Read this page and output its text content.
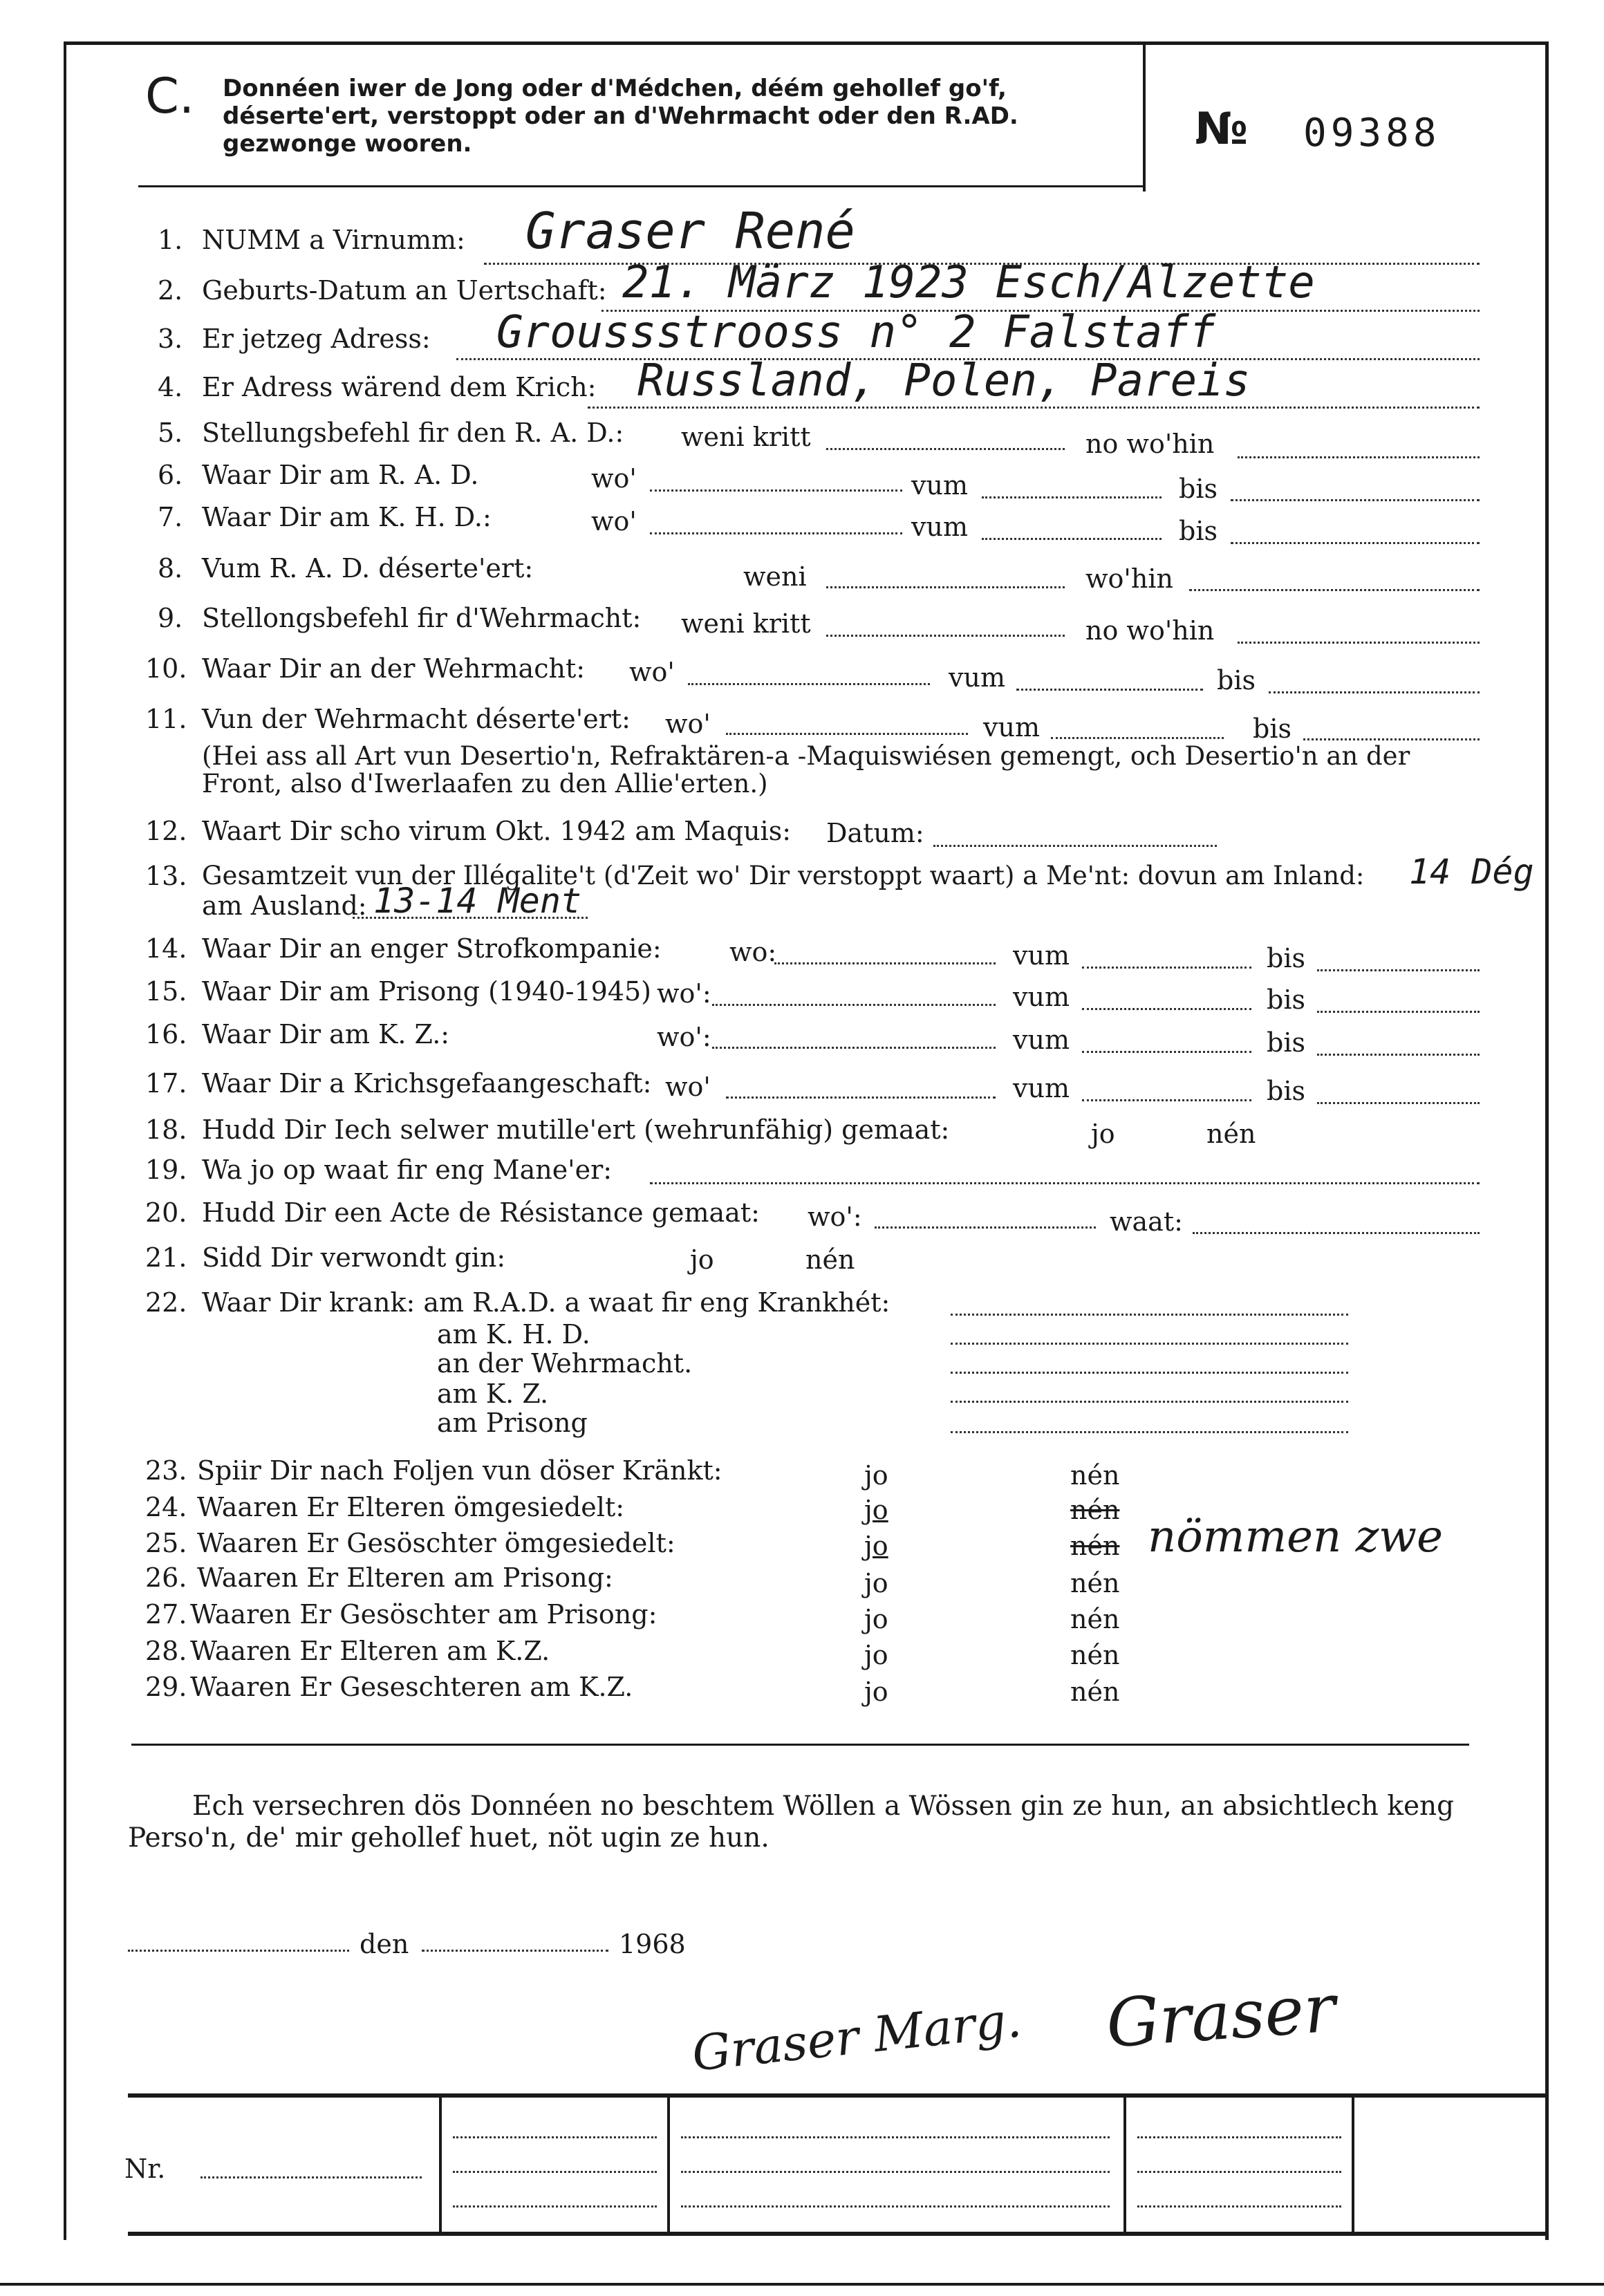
C. Donnéen iwer de Jong oder d'Médchen, déém gehollef go'f, déserte'ert, verstoppt oder an d'Wehrmacht oder den R.AD. gezwonge wooren.	№ 09388
1. NUMM a Virnumm: Graser René
2. Geburts-Datum an Uertschaft: 21. März 1923 Esch/Alzette
3. Er jetzeg Adress: Groussstrooss n° 2 Falstaff
4. Er Adress wärend dem Krich: Russland, Polen, Pareis
5. Stellungsbefehl fir den R. A. D.: weni kritt	no wo'hin
6. Waar Dir am R. A. D.	wo'	vum	bis
7. Waar Dir am K. H. D.:	wo'	vum	bis
8. Vum R. A. D. déserte'ert:	weni	wo'hin
9. Stellongsbefehl fir d'Wehrmacht: weni kritt	no wo'hin
10. Waar Dir an der Wehrmacht: wo'	vum	bis
11. Vun der Wehrmacht déserte'ert: wo'	vum	bis
(Hei ass all Art vun Desertio'n, Refraktären-a -Maquiswiésen gemengt, och Desertio'n an der
Front, also d'Iwerlaafen zu den Allie'erten.)
12. Waart Dir scho virum Okt. 1942 am Maquis: Datum:
13. Gesamtzeit vun der Illégalite't (d'Zeit wo' Dir verstoppt waart) a Me'nt: dovun am Inland: 14 Dég
am Ausland: 13-14 Ment
14. Waar Dir an enger Strofkompanie:	wo:	vum	bis
15. Waar Dir am Prisong (1940-1945) wo':	vum	bis
16. Waar Dir am K. Z.:	wo':	vum	bis
17. Waar Dir a Krichsgefaangeschaft: wo'	vum	bis
18. Hudd Dir Iech selwer mutille'ert (wehrunfähig) gemaat:	jo	nén
19. Wa jo op waat fir eng Mane'er:
20. Hudd Dir een Acte de Résistance gemaat: wo':	waat:
21. Sidd Dir verwondt gin:	jo	nén
22. Waar Dir krank: am R.A.D. a waat fir eng Krankhét:
am K. H. D.
an der Wehrmacht.
am K. Z.
am Prisong
23. Spiir Dir nach Foljen vun döser Kränkt:	jo	nén
24. Waaren Er Elteren ömgesiedelt:	jo	nén
25. Waaren Er Gesöschter ömgesiedelt:	jo	nén nömmen zwe
26. Waaren Er Elteren am Prisong:	jo	nén
27. Waaren Er Gesöschter am Prisong:	jo	nén
28. Waaren Er Elteren am K.Z.	jo	nén
29. Waaren Er Geseschteren am K.Z.	jo	nén
Ech versechren dös Donnéen no beschtem Wöllen a Wössen gin ze hun, an absichtlech keng
Perso'n, de' mir gehollef huet, nöt ugin ze hun.
den	1968
Graser Marg. Graser
Nr.
